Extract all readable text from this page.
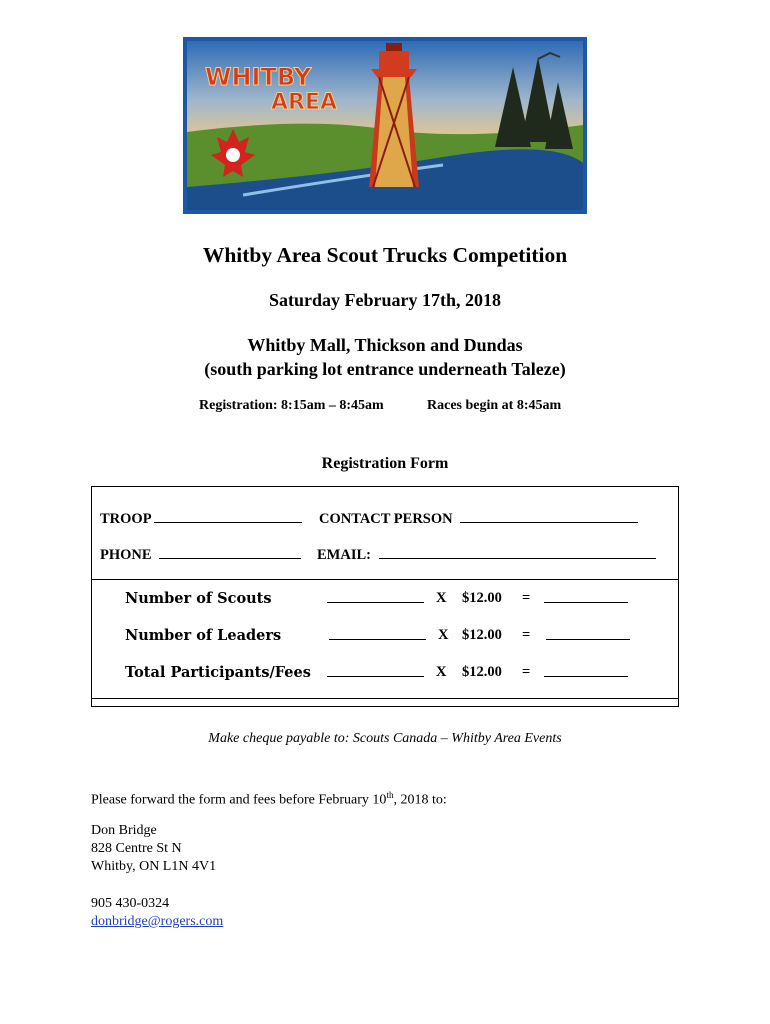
WHITBY
AREA
Whitby Area Scout Trucks Competition
Saturday February 17th, 2018
Whitby Mall, Thickson and Dundas
(south parking lot entrance underneath Taleze)
Registration: 8:15am – 8:45am	Races begin at 8:45am
Registration Form
TROOP	CONTACT PERSON
PHONE	EMAIL:
Number of Scouts	X $12.00 =
Number of Leaders	X $12.00 =
Total Participants/Fees	X $12.00 =
Make cheque payable to: Scouts Canada – Whitby Area Events
Please forward the form and fees before February 10th, 2018 to:
Don Bridge
828 Centre St N
Whitby, ON L1N 4V1
905 430-0324
donbridge@rogers.com
